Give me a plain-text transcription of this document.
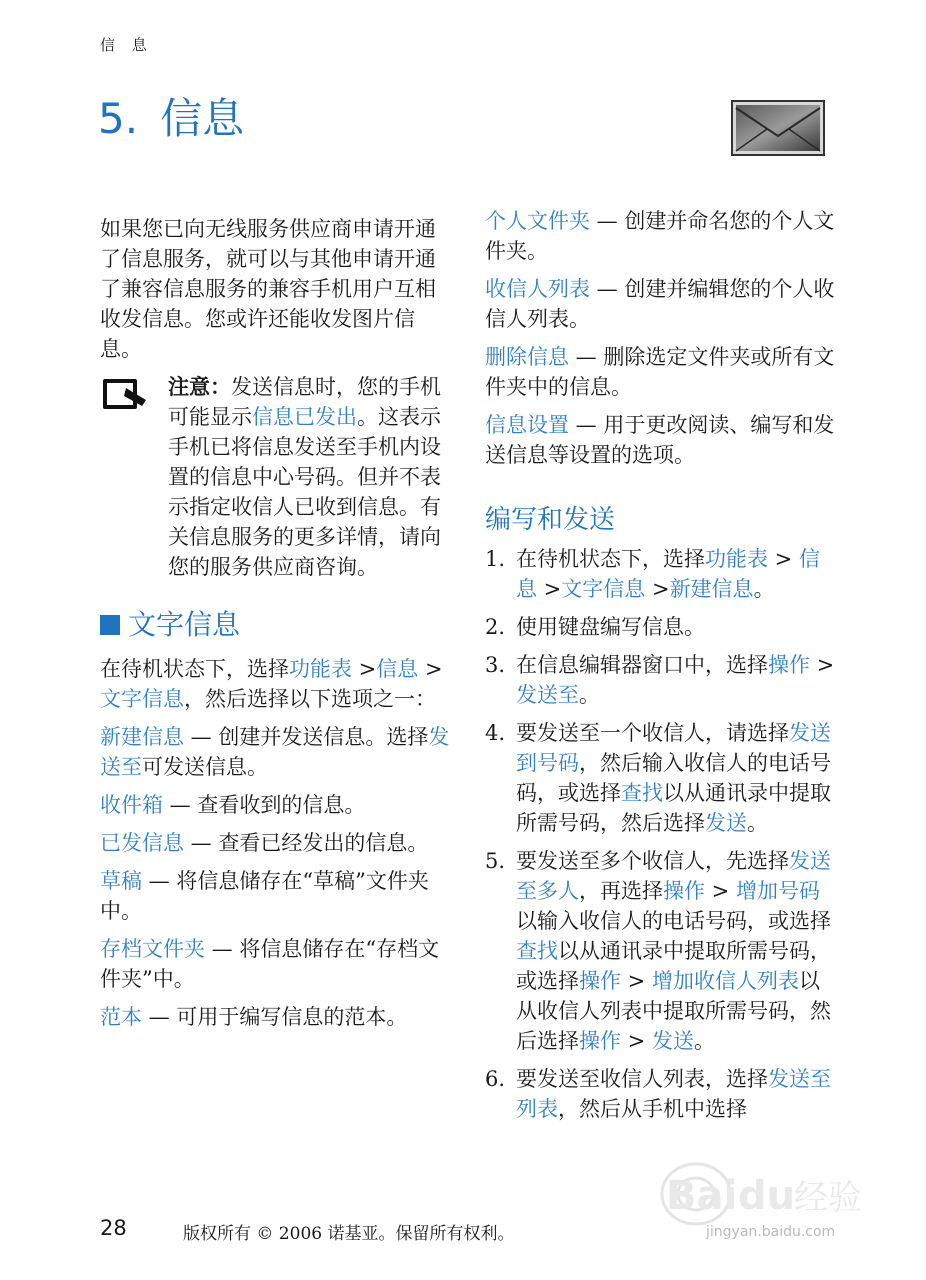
信 息
5. 信息

如果您已向无线服务供应商申请开通了信息服务，就可以与其他申请开通了兼容信息服务的兼容手机用户互相收发信息。您或许还能收发图片信息。

注意：发送信息时，您的手机可能显示信息已发出。这表示手机已将信息发送至手机内设置的信息中心号码。但并不表示指定收信人已收到信息。有关信息服务的更多详情，请向您的服务供应商咨询。
文字信息

在待机状态下，选择功能表 >信息 >文字信息，然后选择以下选项之一：

新建信息 — 创建并发送信息。选择发送至可发送信息。

收件箱 — 查看收到的信息。

已发信息 — 查看已经发出的信息。

草稿 — 将信息储存在“草稿”文件夹中。

存档文件夹 — 将信息储存在“存档文件夹”中。

范本 — 可用于编写信息的范本。

个人文件夹 — 创建并命名您的个人文件夹。

收信人列表 — 创建并编辑您的个人收信人列表。

删除信息 — 删除选定文件夹或所有文件夹中的信息。

信息设置 — 用于更改阅读、编写和发送信息等设置的选项。

编写和发送
1. 在待机状态下，选择功能表 > 信息 >文字信息 >新建信息。
2. 使用键盘编写信息。
3. 在信息编辑器窗口中，选择操作 > 发送至。
4. 要发送至一个收信人，请选择发送到号码，然后输入收信人的电话号码，或选择查找以从通讯录中提取所需号码，然后选择发送。
5. 要发送至多个收信人，先选择发送至多人，再选择操作 > 增加号码以输入收信人的电话号码，或选择查找以从通讯录中提取所需号码，或选择操作 > 增加收信人列表以从收信人列表中提取所需号码，然后选择操作 > 发送。
6. 要发送至收信人列表，选择发送至列表，然后从手机中选择
Bai du
经验
jingyan.baidu.com
28	版权所有 © 2006 诺基亚。保留所有权利。
